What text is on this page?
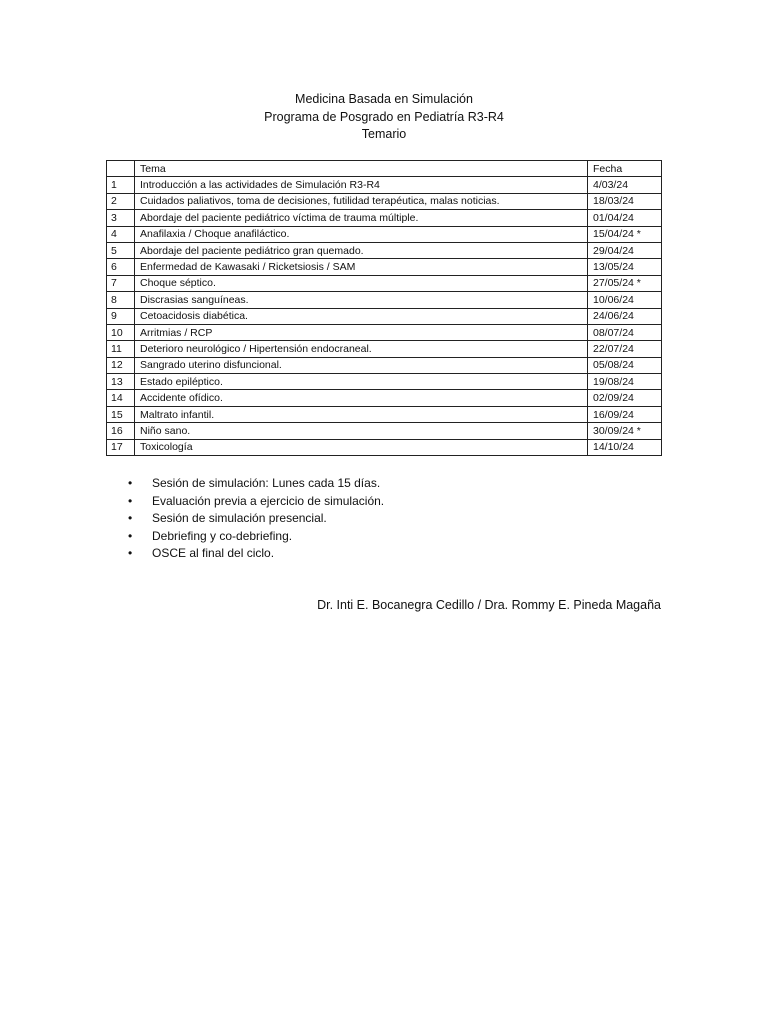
Medicina Basada en Simulación
Programa de Posgrado en Pediatría R3-R4
Temario
	Tema	Fecha
1	Introducción a las actividades de Simulación R3-R4	4/03/24
2	Cuidados paliativos, toma de decisiones, futilidad terapéutica, malas noticias.	18/03/24
3	Abordaje del paciente pediátrico víctima de trauma múltiple.	01/04/24
4	Anafilaxia / Choque anafiláctico.	15/04/24 *
5	Abordaje del paciente pediátrico gran quemado.	29/04/24
6	Enfermedad de Kawasaki / Ricketsiosis / SAM	13/05/24
7	Choque séptico.	27/05/24 *
8	Discrasias sanguíneas.	10/06/24
9	Cetoacidosis diabética.	24/06/24
10	Arritmias / RCP	08/07/24
11	Deterioro neurológico / Hipertensión endocraneal.	22/07/24
12	Sangrado uterino disfuncional.	05/08/24
13	Estado epiléptico.	19/08/24
14	Accidente ofídico.	02/09/24
15	Maltrato infantil.	16/09/24
16	Niño sano.	30/09/24 *
17	Toxicología	14/10/24
• Sesión de simulación: Lunes cada 15 días.
• Evaluación previa a ejercicio de simulación.
• Sesión de simulación presencial.
• Debriefing y co-debriefing.
• OSCE al final del ciclo.
Dr. Inti E. Bocanegra Cedillo / Dra. Rommy E. Pineda Magaña
